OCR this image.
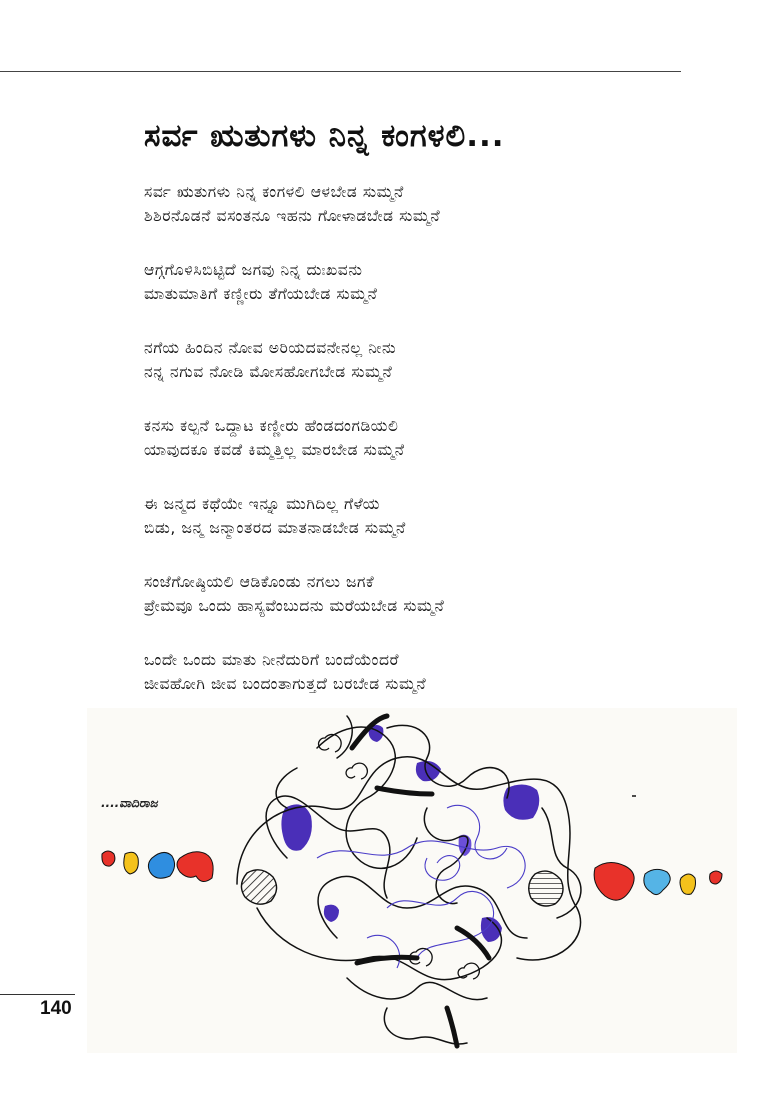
ಸರ್ವ ಋತುಗಳು ನಿನ್ನ ಕಂಗಳಲಿ...
ಸರ್ವ ಋತುಗಳು ನಿನ್ನ ಕಂಗಳಲಿ ಆಳಬೇಡ ಸುಮ್ಮನೆ
ಶಿಶಿರನೊಡನೆ ವಸಂತನೂ ಇಹನು ಗೋಳಾಡಬೇಡ ಸುಮ್ಮನೆ
ಆಗ್ಗಗೊಳಿಸಿಬಿಟ್ಟಿದೆ ಜಗವು ನಿನ್ನ ದುಃಖವನು
ಮಾತುಮಾತಿಗೆ ಕಣ್ಣೀರು ತೆಗೆಯಬೇಡ ಸುಮ್ಮನೆ
ನಗೆಯ ಹಿಂದಿನ ನೋವ ಅರಿಯದವನೇನಲ್ಲ ನೀನು
ನನ್ನ ನಗುವ ನೋಡಿ ಮೋಸಹೋಗಬೇಡ ಸುಮ್ಮನೆ
ಕನಸು ಕಲ್ಪನೆ ಒದ್ದಾಟ ಕಣ್ಣೀರು ಹೆಂಡದಂಗಡಿಯಲಿ
ಯಾವುದಕೂ ಕವಡೆ ಕಿಮ್ಮತ್ತಿಲ್ಲ ಮಾರಬೇಡ ಸುಮ್ಮನೆ
ಈ ಜನ್ಮದ ಕಥೆಯೇ ಇನ್ನೂ ಮುಗಿದಿಲ್ಲ ಗೆಳೆಯ
ಬಿಡು, ಜನ್ಮ ಜನ್ಮಾಂತರದ ಮಾತನಾಡಬೇಡ ಸುಮ್ಮನೆ
ಸಂಜೆಗೋಷ್ಠಿಯಲಿ ಆಡಿಕೊಂಡು ನಗಲು ಜಗಕೆ
ಪ್ರೇಮವೂ ಒಂದು ಹಾಸ್ಯವೆಂಬುದನು ಮರೆಯಬೇಡ ಸುಮ್ಮನೆ
ಒಂದೇ ಒಂದು ಮಾತು ನೀನೆದುರಿಗೆ ಬಂದೆಯೆಂದರೆ
ಜೀವಹೋಗಿ ಜೀವ ಬಂದಂತಾಗುತ್ತದೆ ಬರಬೇಡ ಸುಮ್ಮನೆ
....ವಾದಿರಾಜ
140
